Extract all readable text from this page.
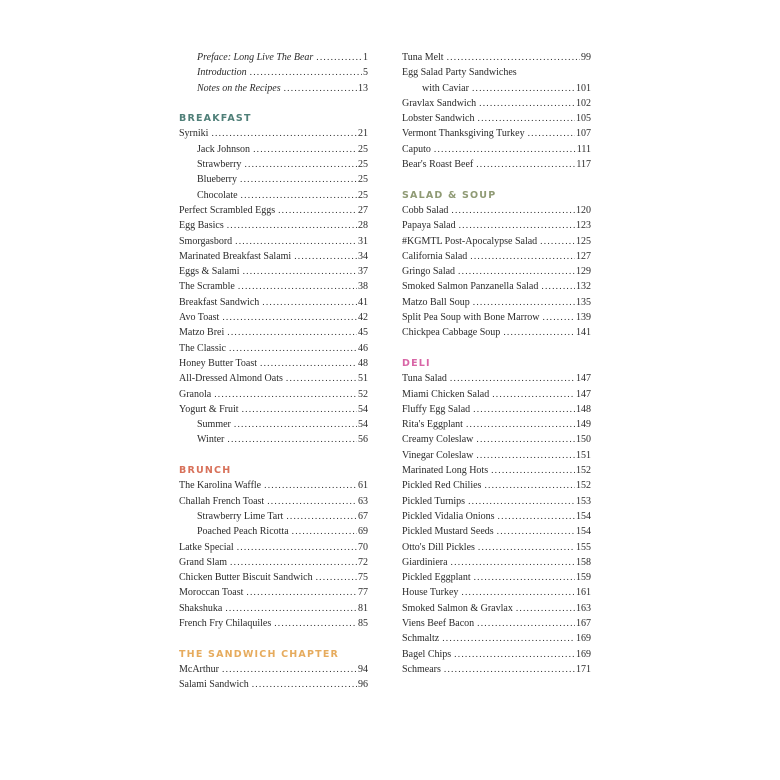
Preface: Long Live The Bear .....	1
Introduction .....	5
Notes on the Recipes .....	13
BREAKFAST
Syrniki .....	21
Jack Johnson .....	25
Strawberry .....	25
Blueberry .....	25
Chocolate .....	25
Perfect Scrambled Eggs .....	27
Egg Basics .....	28
Smorgasbord .....	31
Marinated Breakfast Salami .....	34
Eggs & Salami .....	37
The Scramble .....	38
Breakfast Sandwich .....	41
Avo Toast .....	42
Matzo Brei .....	45
The Classic .....	46
Honey Butter Toast .....	48
All-Dressed Almond Oats .....	51
Granola .....	52
Yogurt & Fruit .....	54
Summer .....	54
Winter .....	56
BRUNCH
The Karolina Waffle .....	61
Challah French Toast .....	63
Strawberry Lime Tart .....	67
Poached Peach Ricotta .....	69
Latke Special .....	70
Grand Slam .....	72
Chicken Butter Biscuit Sandwich .....	75
Moroccan Toast .....	77
Shakshuka .....	81
French Fry Chilaquiles .....	85
THE SANDWICH CHAPTER
McArthur .....	94
Salami Sandwich .....	96
Tuna Melt .....	99
Egg Salad Party Sandwiches
with Caviar .....	101
Gravlax Sandwich .....	102
Lobster Sandwich .....	105
Vermont Thanksgiving Turkey .....	107
Caputo .....	111
Bear's Roast Beef .....	117
SALAD & SOUP
Cobb Salad .....	120
Papaya Salad .....	123
#KGMTL Post-Apocalypse Salad .....	125
California Salad .....	127
Gringo Salad .....	129
Smoked Salmon Panzanella Salad .....	132
Matzo Ball Soup .....	135
Split Pea Soup with Bone Marrow .....	139
Chickpea Cabbage Soup .....	141
DELI
Tuna Salad .....	147
Miami Chicken Salad .....	147
Fluffy Egg Salad .....	148
Rita's Eggplant .....	149
Creamy Coleslaw .....	150
Vinegar Coleslaw .....	151
Marinated Long Hots .....	152
Pickled Red Chilies .....	152
Pickled Turnips .....	153
Pickled Vidalia Onions .....	154
Pickled Mustard Seeds .....	154
Otto's Dill Pickles .....	155
Giardiniera .....	158
Pickled Eggplant .....	159
House Turkey .....	161
Smoked Salmon & Gravlax .....	163
Viens Beef Bacon .....	167
Schmaltz .....	169
Bagel Chips .....	169
Schmears .....	171
